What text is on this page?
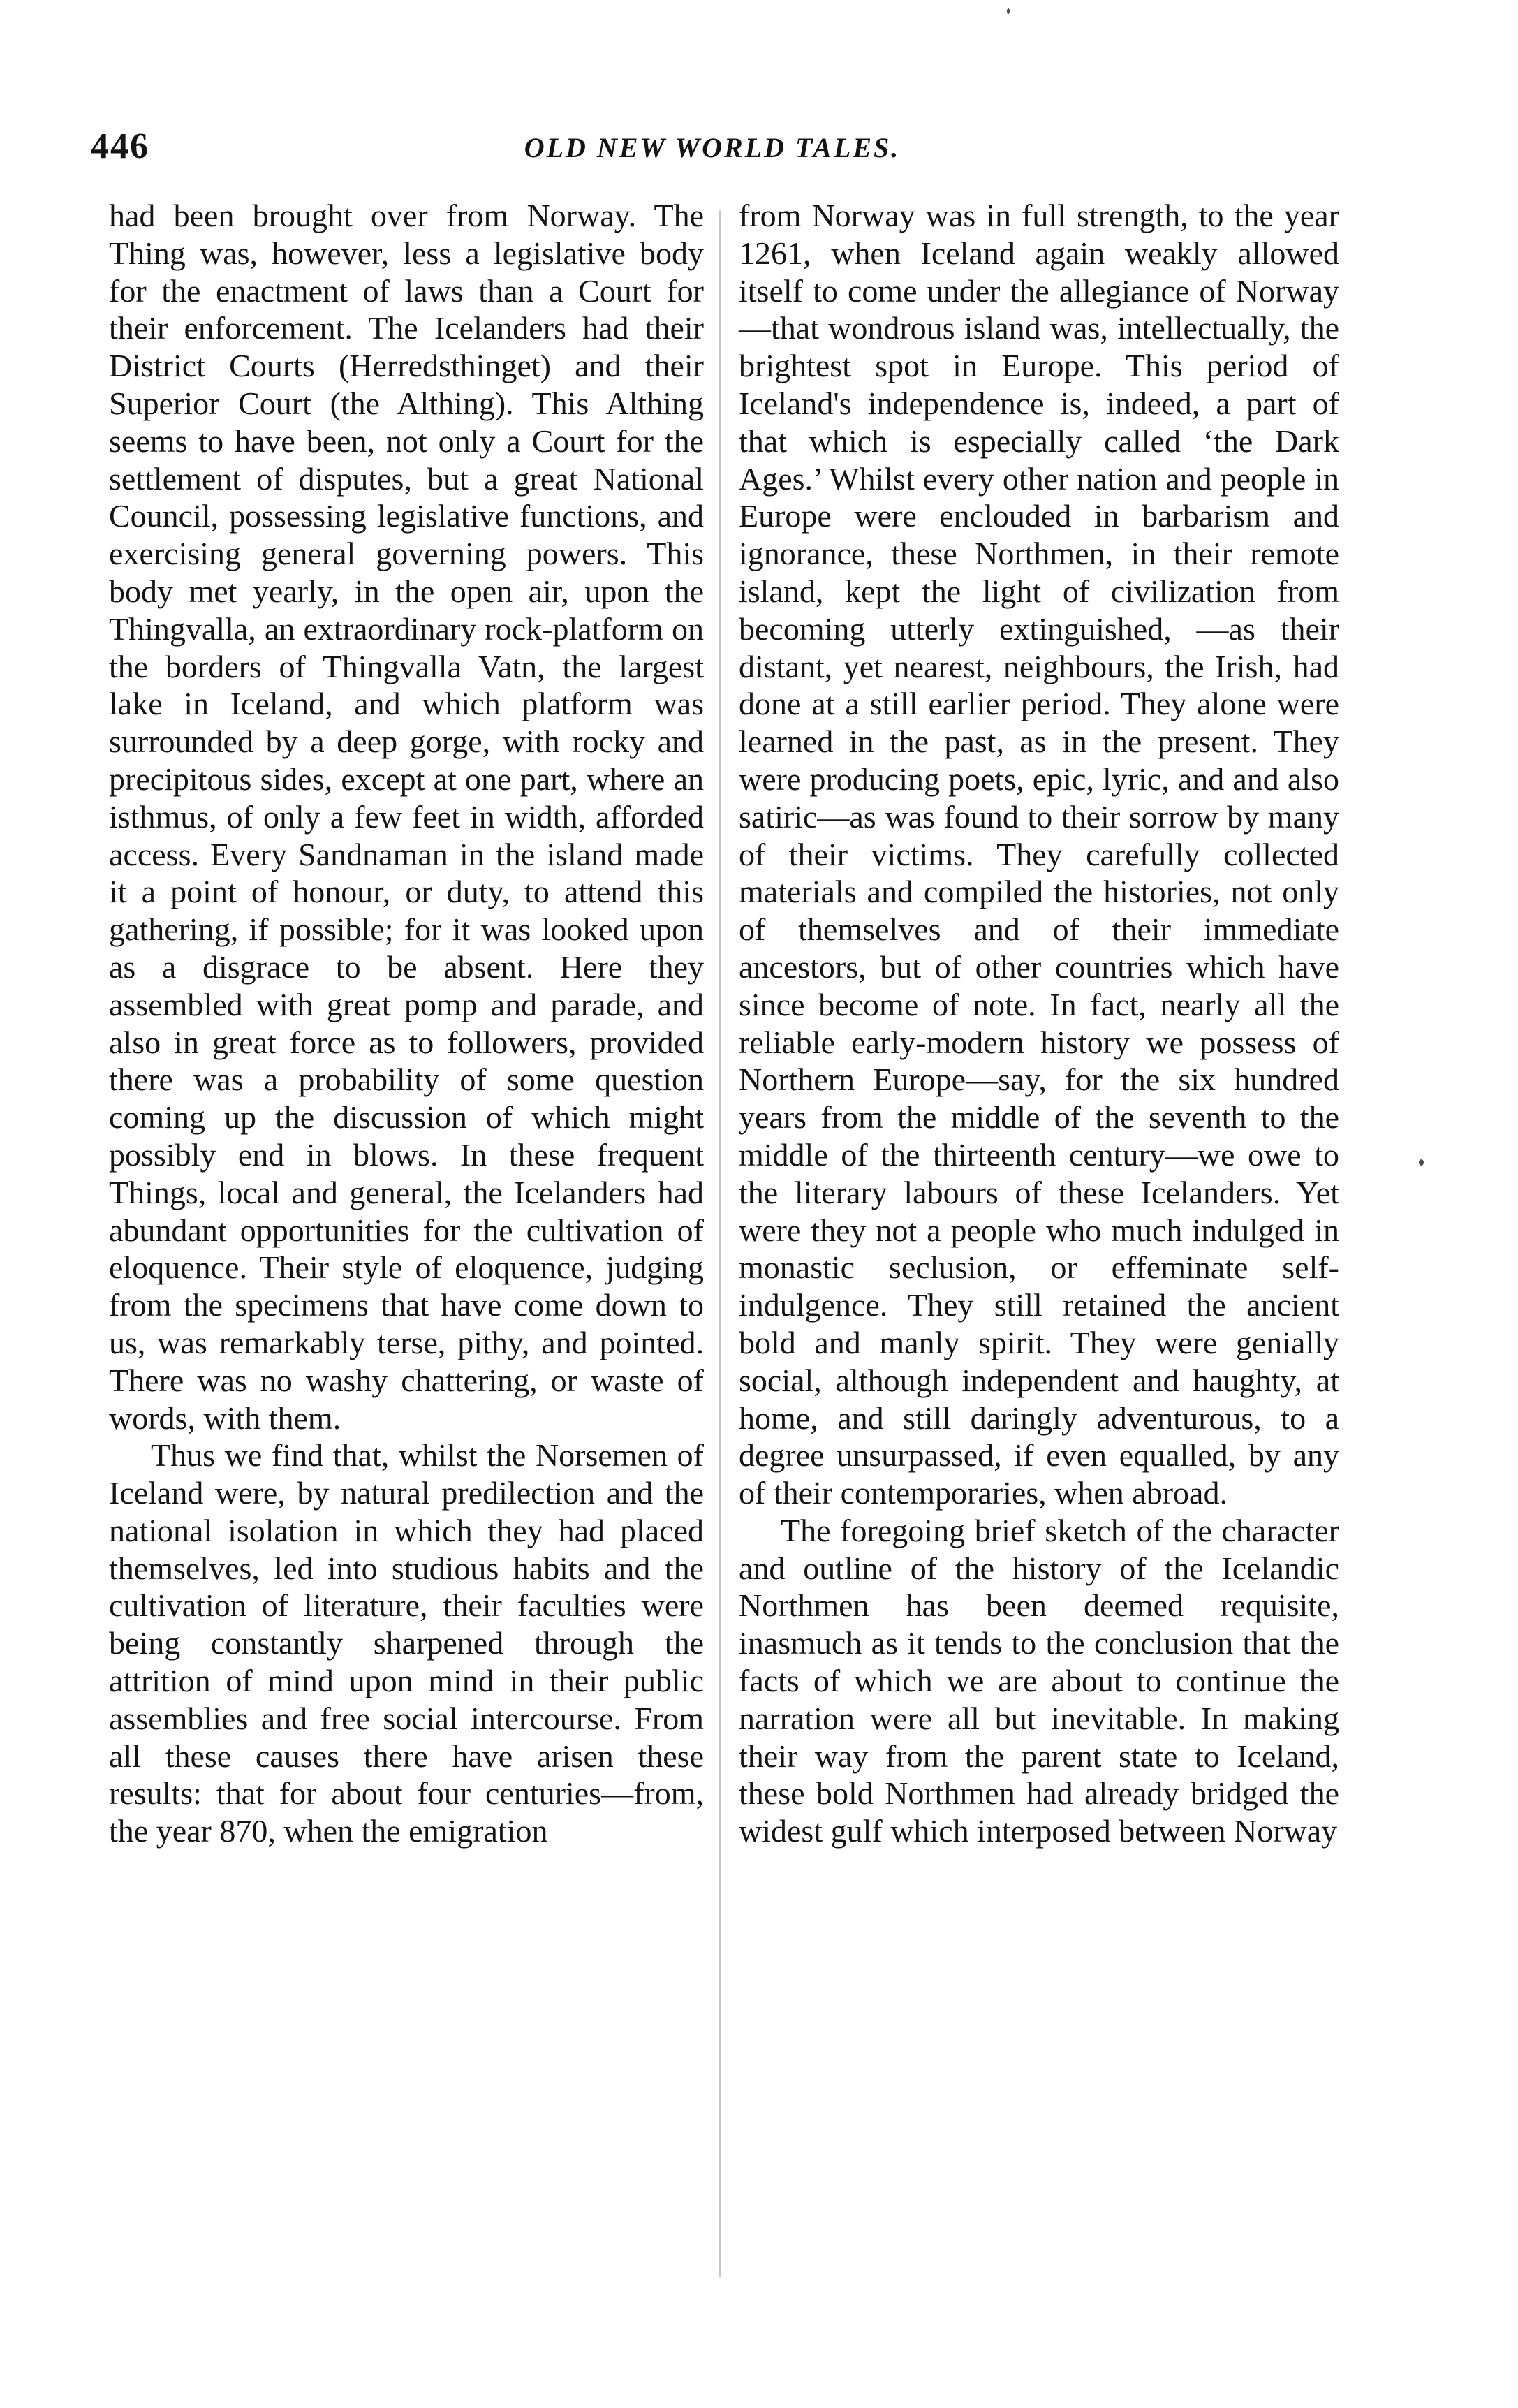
446	OLD NEW WORLD TALES.

had been brought over from Norway. The Thing was, however, less a legislative body for the enactment of laws than a Court for their enforcement. The Icelanders had their District Courts (Herredsthinget) and their Superior Court (the Althing). This Althing seems to have been, not only a Court for the settlement of disputes, but a great National Council, possessing legislative functions, and exercising general governing powers. This body met yearly, in the open air, upon the Thingvalla, an extraordinary rock-platform on the borders of Thingvalla Vatn, the largest lake in Iceland, and which platform was surrounded by a deep gorge, with rocky and precipitous sides, except at one part, where an isthmus, of only a few feet in width, afforded access. Every Sandnaman in the island made it a point of honour, or duty, to attend this gathering, if possible; for it was looked upon as a disgrace to be absent. Here they assembled with great pomp and parade, and also in great force as to followers, provided there was a probability of some question coming up the discussion of which might possibly end in blows. In these frequent Things, local and general, the Icelanders had abundant opportunities for the cultivation of eloquence. Their style of eloquence, judging from the specimens that have come down to us, was remarkably terse, pithy, and pointed. There was no washy chattering, or waste of words, with them.

Thus we find that, whilst the Norsemen of Iceland were, by natural predilection and the national isolation in which they had placed themselves, led into studious habits and the cultivation of literature, their faculties were being constantly sharpened through the attrition of mind upon mind in their public assemblies and free social intercourse. From all these causes there have arisen these results: that for about four centuries—from, the year 870, when the emigration

from Norway was in full strength, to the year 1261, when Iceland again weakly allowed itself to come under the allegiance of Norway—that wondrous island was, intellectually, the brightest spot in Europe. This period of Iceland's independence is, indeed, a part of that which is especially called ‘the Dark Ages.’ Whilst every other nation and people in Europe were enclouded in barbarism and ignorance, these Northmen, in their remote island, kept the light of civilization from becoming utterly extinguished, —as their distant, yet nearest, neighbours, the Irish, had done at a still earlier period. They alone were learned in the past, as in the present. They were producing poets, epic, lyric, and and also satiric—as was found to their sorrow by many of their victims. They carefully collected materials and compiled the histories, not only of themselves and of their immediate ancestors, but of other countries which have since become of note. In fact, nearly all the reliable early-modern history we possess of Northern Europe—say, for the six hundred years from the middle of the seventh to the middle of the thirteenth century—we owe to the literary labours of these Icelanders. Yet were they not a people who much indulged in monastic seclusion, or effeminate self-indulgence. They still retained the ancient bold and manly spirit. They were genially social, although independent and haughty, at home, and still daringly adventurous, to a degree unsurpassed, if even equalled, by any of their contemporaries, when abroad.

The foregoing brief sketch of the character and outline of the history of the Icelandic Northmen has been deemed requisite, inasmuch as it tends to the conclusion that the facts of which we are about to continue the narration were all but inevitable. In making their way from the parent state to Iceland, these bold Northmen had already bridged the widest gulf which interposed between Norway
